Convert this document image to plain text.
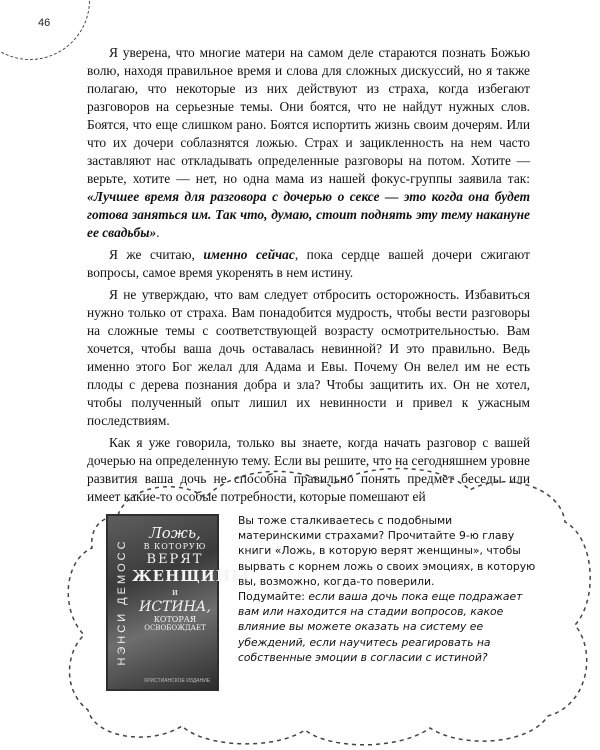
46

Я уверена, что многие матери на самом деле стараются познать Божью волю, находя правильное время и слова для сложных дискуссий, но я также полагаю, что некоторые из них действуют из страха, когда избегают разговоров на серьезные темы. Они боятся, что не найдут нужных слов. Боятся, что еще слишком рано. Боятся испортить жизнь своим дочерям. Или что их дочери соблазнятся ложью. Страх и зацикленность на нем часто заставляют нас откладывать определенные разговоры на потом. Хотите — верьте, хотите — нет, но одна мама из нашей фокус-группы заявила так: «Лучшее время для разговора с дочерью о сексе — это когда она будет готова заняться им. Так что, думаю, стоит поднять эту тему накануне ее свадьбы».

Я же считаю, именно сейчас, пока сердце вашей дочери сжигают вопросы, самое время укоренять в нем истину.

Я не утверждаю, что вам следует отбросить осторожность. Избавиться нужно только от страха. Вам понадобится мудрость, чтобы вести разговоры на сложные темы с соответствующей возрасту осмотрительностью. Вам хочется, чтобы ваша дочь оставалась невинной? И это правильно. Ведь именно этого Бог желал для Адама и Евы. Почему Он велел им не есть плоды с дерева познания добра и зла? Чтобы защитить их. Он не хотел, чтобы полученный опыт лишил их невинности и привел к ужасным последствиям.

Как я уже говорила, только вы знаете, когда начать разговор с вашей дочерью на определенную тему. Если вы решите, что на сегодняшнем уровне развития ваша дочь не способна правильно понять предмет беседы или имеет какие-то особые потребности, которые помешают ей

НЭНСИ ДЕМОСС
Ложь,
В КОТОРУЮ
ВЕРЯТ
ЖЕНЩИНЫ,
и
ИСТИНА,
КОТОРАЯ
ОСВОБОЖДАЕТ
ХРИСТИАНСКОЕ ИЗДАНИЕ

Вы тоже сталкиваетесь с подобными материнскими страхами? Прочитайте 9-ю главу книги «Ложь, в которую верят женщины», чтобы вырвать с корнем ложь о своих эмоциях, в которую вы, возможно, когда-то поверили.

Подумайте: если ваша дочь пока еще подражает вам или находится на стадии вопросов, какое влияние вы можете оказать на систему ее убеждений, если научитесь реагировать на собственные эмоции в согласии с истиной?
